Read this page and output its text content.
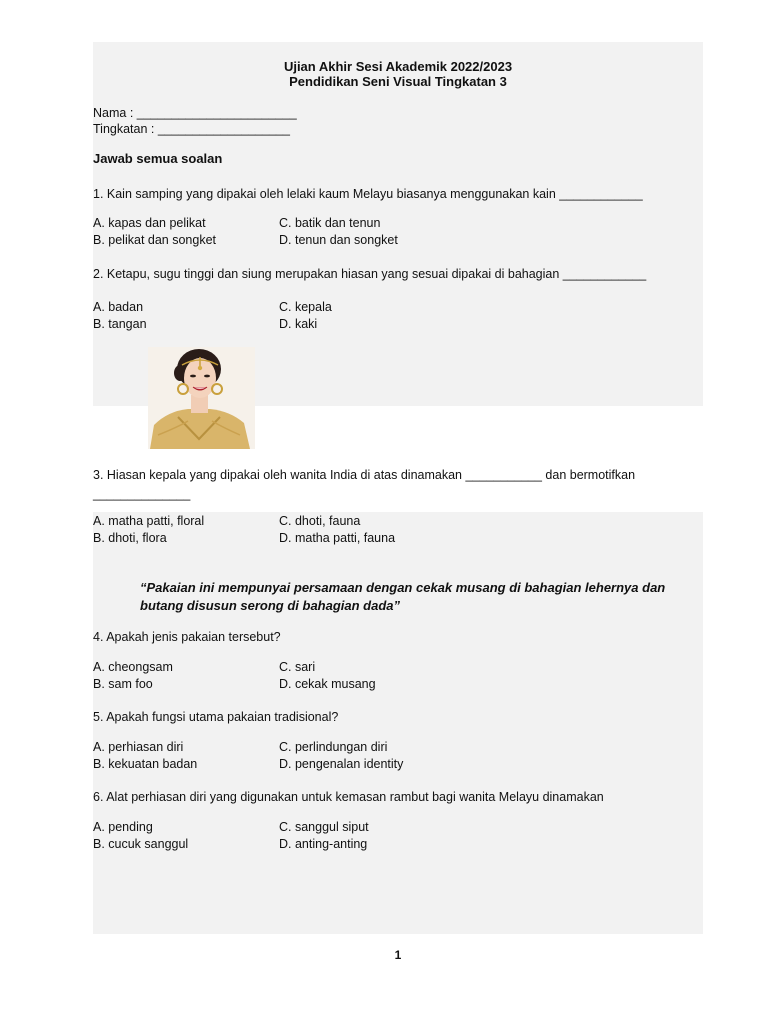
Ujian Akhir Sesi Akademik 2022/2023
Pendidikan Seni Visual Tingkatan 3
Nama : _______________________
Tingkatan : ___________________
Jawab semua soalan
1. Kain samping yang dipakai oleh lelaki kaum Melayu biasanya menggunakan kain ____________
A. kapas dan pelikat	C. batik dan tenun
B. pelikat dan songket	D. tenun dan songket
2. Ketapu, sugu tinggi dan siung merupakan hiasan yang sesuai dipakai di bahagian ____________
A. badan	C. kepala
B. tangan	D. kaki
3. Hiasan kepala yang dipakai oleh wanita India di atas dinamakan ___________ dan bermotifkan
______________
A. matha patti, floral	C. dhoti, fauna
B. dhoti, flora	D. matha patti, fauna
“Pakaian ini mempunyai persamaan dengan cekak musang di bahagian lehernya dan
butang disusun serong di bahagian dada”
4. Apakah jenis pakaian tersebut?
A. cheongsam	C. sari
B. sam foo	D. cekak musang
5. Apakah fungsi utama pakaian tradisional?
A. perhiasan diri	C. perlindungan diri
B. kekuatan badan	D. pengenalan identity
6. Alat perhiasan diri yang digunakan untuk kemasan rambut bagi wanita Melayu dinamakan
A. pending	C. sanggul siput
B. cucuk sanggul	D. anting-anting
1
